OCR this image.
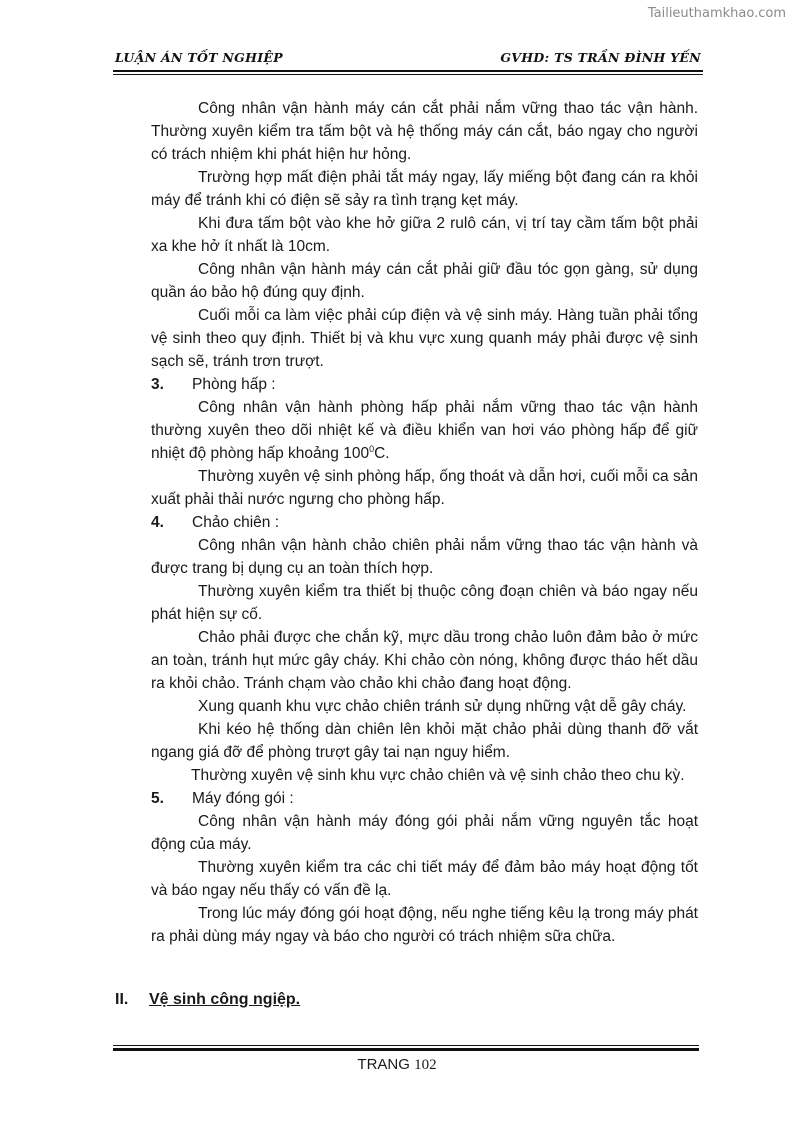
Tailieuthamkhao.com
LUẬN ÁN TỐT NGHIỆP	GVHD: TS TRẦN ĐÌNH YẾN

Công nhân vận hành máy cán cắt phải nắm vững thao tác vận hành. Thường xuyên kiểm tra tấm bột và hệ thống máy cán cắt, báo ngay cho người có trách nhiệm khi phát hiện hư hỏng.

Trường hợp mất điện phải tắt máy ngay, lấy miếng bột đang cán ra khỏi máy để tránh khi có điện sẽ sảy ra tình trạng kẹt máy.

Khi đưa tấm bột vào khe hở giữa 2 rulô cán, vị trí tay cầm tấm bột phải xa khe hở ít nhất là 10cm.

Công nhân vận hành máy cán cắt phải giữ đầu tóc gọn gàng, sử dụng quần áo bảo hộ đúng quy định.

Cuối mỗi ca làm việc phải cúp điện và vệ sinh máy. Hàng tuần phải tổng vệ sinh theo quy định. Thiết bị và khu vực xung quanh máy phải được vệ sinh sạch sẽ, tránh trơn trượt.

3. Phòng hấp :

Công nhân vận hành phòng hấp phải nắm vững thao tác vận hành thường xuyên theo dõi nhiệt kế và điều khiển van hơi váo phòng hấp để giữ nhiệt độ phòng hấp khoảng $100^0C$.

Thường xuyên vệ sinh phòng hấp, ống thoát và dẫn hơi, cuối mỗi ca sản xuất phải thải nước ngưng cho phòng hấp.

4. Chảo chiên :

Công nhân vận hành chảo chiên phải nắm vững thao tác vận hành và được trang bị dụng cụ an toàn thích hợp.

Thường xuyên kiểm tra thiết bị thuộc công đoạn chiên và báo ngay nếu phát hiện sự cố.

Chảo phải được che chắn kỹ, mực dầu trong chảo luôn đảm bảo ở mức an toàn, tránh hụt mức gây cháy. Khi chảo còn nóng, không được tháo hết dầu ra khỏi chảo. Tránh chạm vào chảo khi chảo đang hoạt động.

Xung quanh khu vực chảo chiên tránh sử dụng những vật dễ gây cháy.

Khi kéo hệ thống dàn chiên lên khỏi mặt chảo phải dùng thanh đỡ vắt ngang giá đỡ để phòng trượt gây tai nạn nguy hiểm.

Thường xuyên vệ sinh khu vực chảo chiên và vệ sinh chảo theo chu kỳ.

5. Máy đóng gói :

Công nhân vận hành máy đóng gói phải nắm vững nguyên tắc hoạt động của máy.

Thường xuyên kiểm tra các chi tiết máy để đảm bảo máy hoạt động tốt và báo ngay nếu thấy có vấn đề lạ.

Trong lúc máy đóng gói hoạt động, nếu nghe tiếng kêu lạ trong máy phát ra phải dùng máy ngay và báo cho người có trách nhiệm sữa chữa.

II. Vệ sinh công ngiệp.
TRANG 102
